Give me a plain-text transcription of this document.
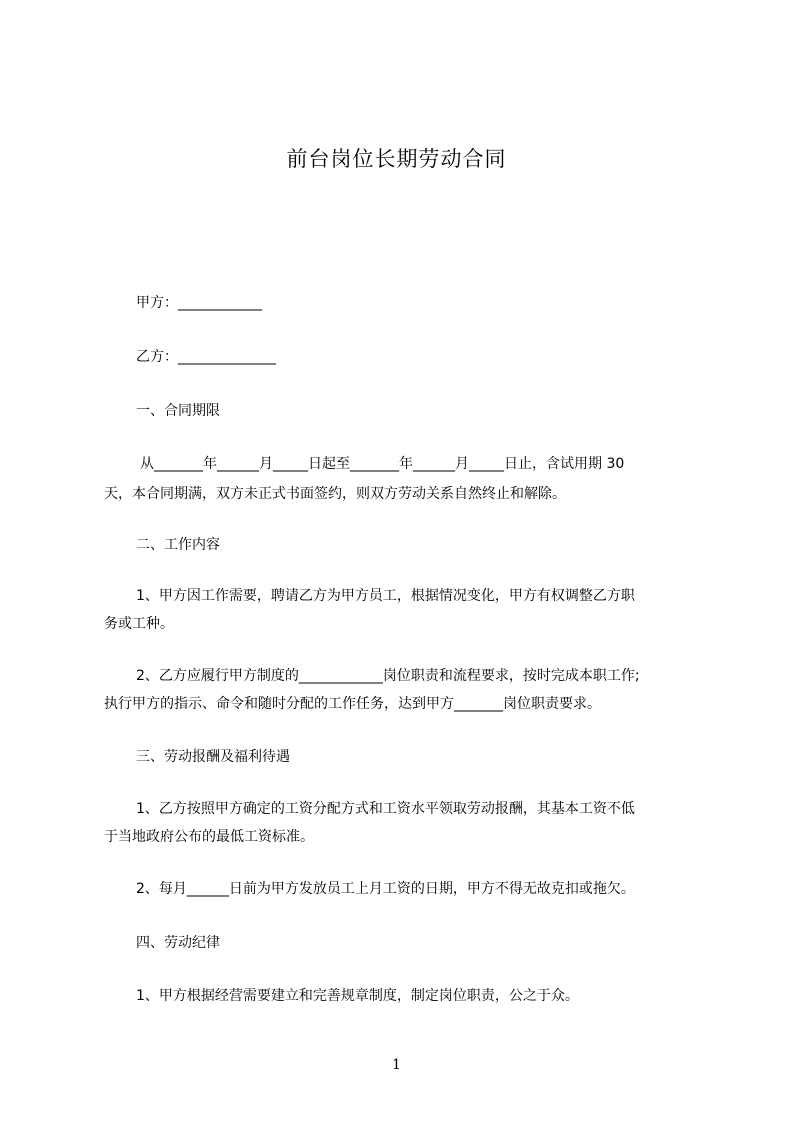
前台岗位长期劳动合同
甲方：____________
乙方：______________
一、合同期限
从_______年______月_____日起至_______年______月_____日止，含试用期 30
天，本合同期满，双方未正式书面签约，则双方劳动关系自然终止和解除。
二、工作内容
1、甲方因工作需要，聘请乙方为甲方员工，根据情况变化，甲方有权调整乙方职
务或工种。
2、乙方应履行甲方制度的____________岗位职责和流程要求，按时完成本职工作;
执行甲方的指示、命令和随时分配的工作任务，达到甲方_______岗位职责要求。
三、劳动报酬及福利待遇
1、乙方按照甲方确定的工资分配方式和工资水平领取劳动报酬，其基本工资不低
于当地政府公布的最低工资标准。
2、每月______日前为甲方发放员工上月工资的日期，甲方不得无故克扣或拖欠。
四、劳动纪律
1、甲方根据经营需要建立和完善规章制度，制定岗位职责，公之于众。
1
